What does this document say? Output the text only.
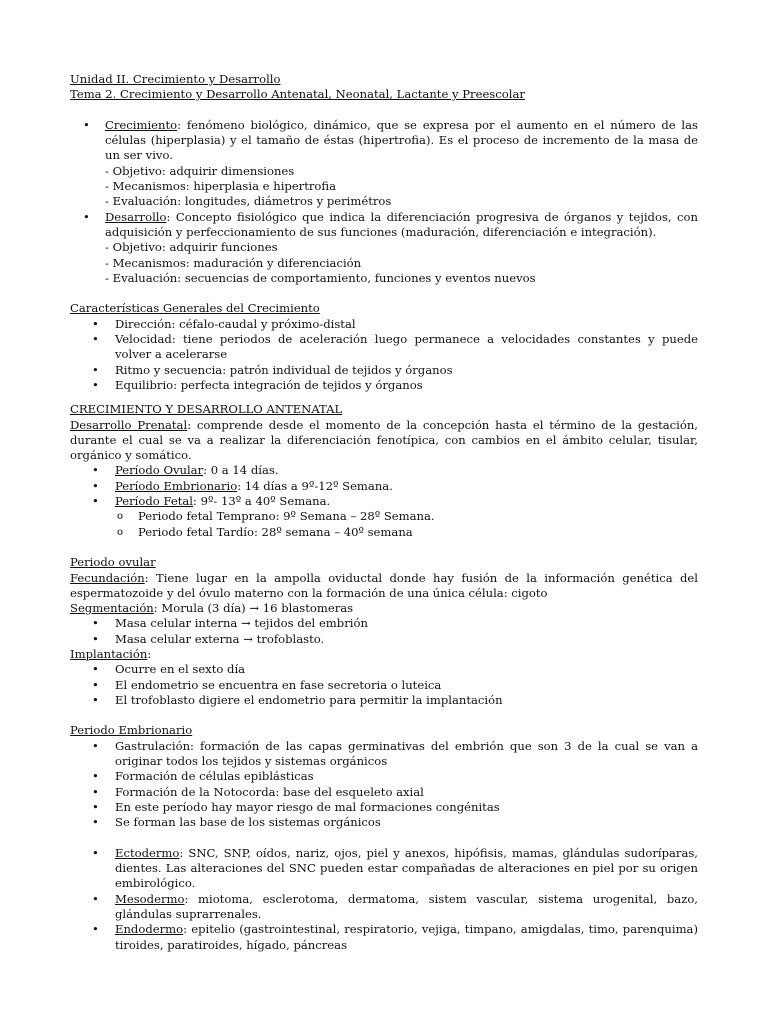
Unidad II. Crecimiento y Desarrollo

Tema 2. Crecimiento y Desarrollo Antenatal, Neonatal, Lactante y Preescolar

• Crecimiento: fenómeno biológico, dinámico, que se expresa por el aumento en el número de las células (hiperplasia) y el tamaño de éstas (hipertrofia). Es el proceso de incremento de la masa de un ser vivo.

- Objetivo: adquirir dimensiones

- Mecanismos: hiperplasia e hipertrofia

- Evaluación: longitudes, diámetros y perimétros

• Desarrollo: Concepto fisiológico que indica la diferenciación progresiva de órganos y tejidos, con adquisición y perfeccionamiento de sus funciones (maduración, diferenciación e integración).

- Objetivo: adquirir funciones

- Mecanismos: maduración y diferenciación

- Evaluación: secuencias de comportamiento, funciones y eventos nuevos

Características Generales del Crecimiento

• Dirección: céfalo-caudal y próximo-distal
• Velocidad: tiene periodos de aceleración luego permanece a velocidades constantes y puede volver a acelerarse
• Ritmo y secuencia: patrón individual de tejidos y órganos
• Equilibrio: perfecta integración de tejidos y órganos

CRECIMIENTO Y DESARROLLO ANTENATAL

Desarrollo Prenatal: comprende desde el momento de la concepción hasta el término de la gestación, durante el cual se va a realizar la diferenciación fenotípica, con cambios en el ámbito celular, tisular, orgánico y somático.

• Período Ovular: 0 a 14 días.
• Período Embrionario: 14 días a 9º-12º Semana.
• Período Fetal: 9º- 13º a 40º Semana.
o Periodo fetal Temprano: 9º Semana – 28º Semana.
o Periodo fetal Tardío: 28º semana – 40º semana

Periodo ovular

Fecundación: Tiene lugar en la ampolla oviductal donde hay fusión de la información genética del espermatozoide y del óvulo materno con la formación de una única célula: cigoto

Segmentación: Morula (3 día) → 16 blastomeras

• Masa celular interna → tejidos del embrión
• Masa celular externa → trofoblasto.

Implantación:

• Ocurre en el sexto día
• El endometrio se encuentra en fase secretoria o luteica
• El trofoblasto digiere el endometrio para permitir la implantación

Periodo Embrionario

• Gastrulación: formación de las capas germinativas del embrión que son 3 de la cual se van a originar todos los tejidos y sistemas orgánicos
• Formación de células epiblásticas
• Formación de la Notocorda: base del esqueleto axial
• En este período hay mayor riesgo de mal formaciones congénitas
• Se forman las base de los sistemas orgánicos
• Ectodermo: SNC, SNP, oídos, nariz, ojos, piel y anexos, hipófisis, mamas, glándulas sudoríparas, dientes. Las alteraciones del SNC pueden estar compañadas de alteraciones en piel por su origen embirológico.
• Mesodermo: miotoma, esclerotoma, dermatoma, sistem vascular, sistema urogenital, bazo, glándulas suprarrenales.
• Endodermo: epitelio (gastrointestinal, respiratorio, vejiga, timpano, amigdalas, timo, parenquima) tiroides, paratiroides, hígado, páncreas
